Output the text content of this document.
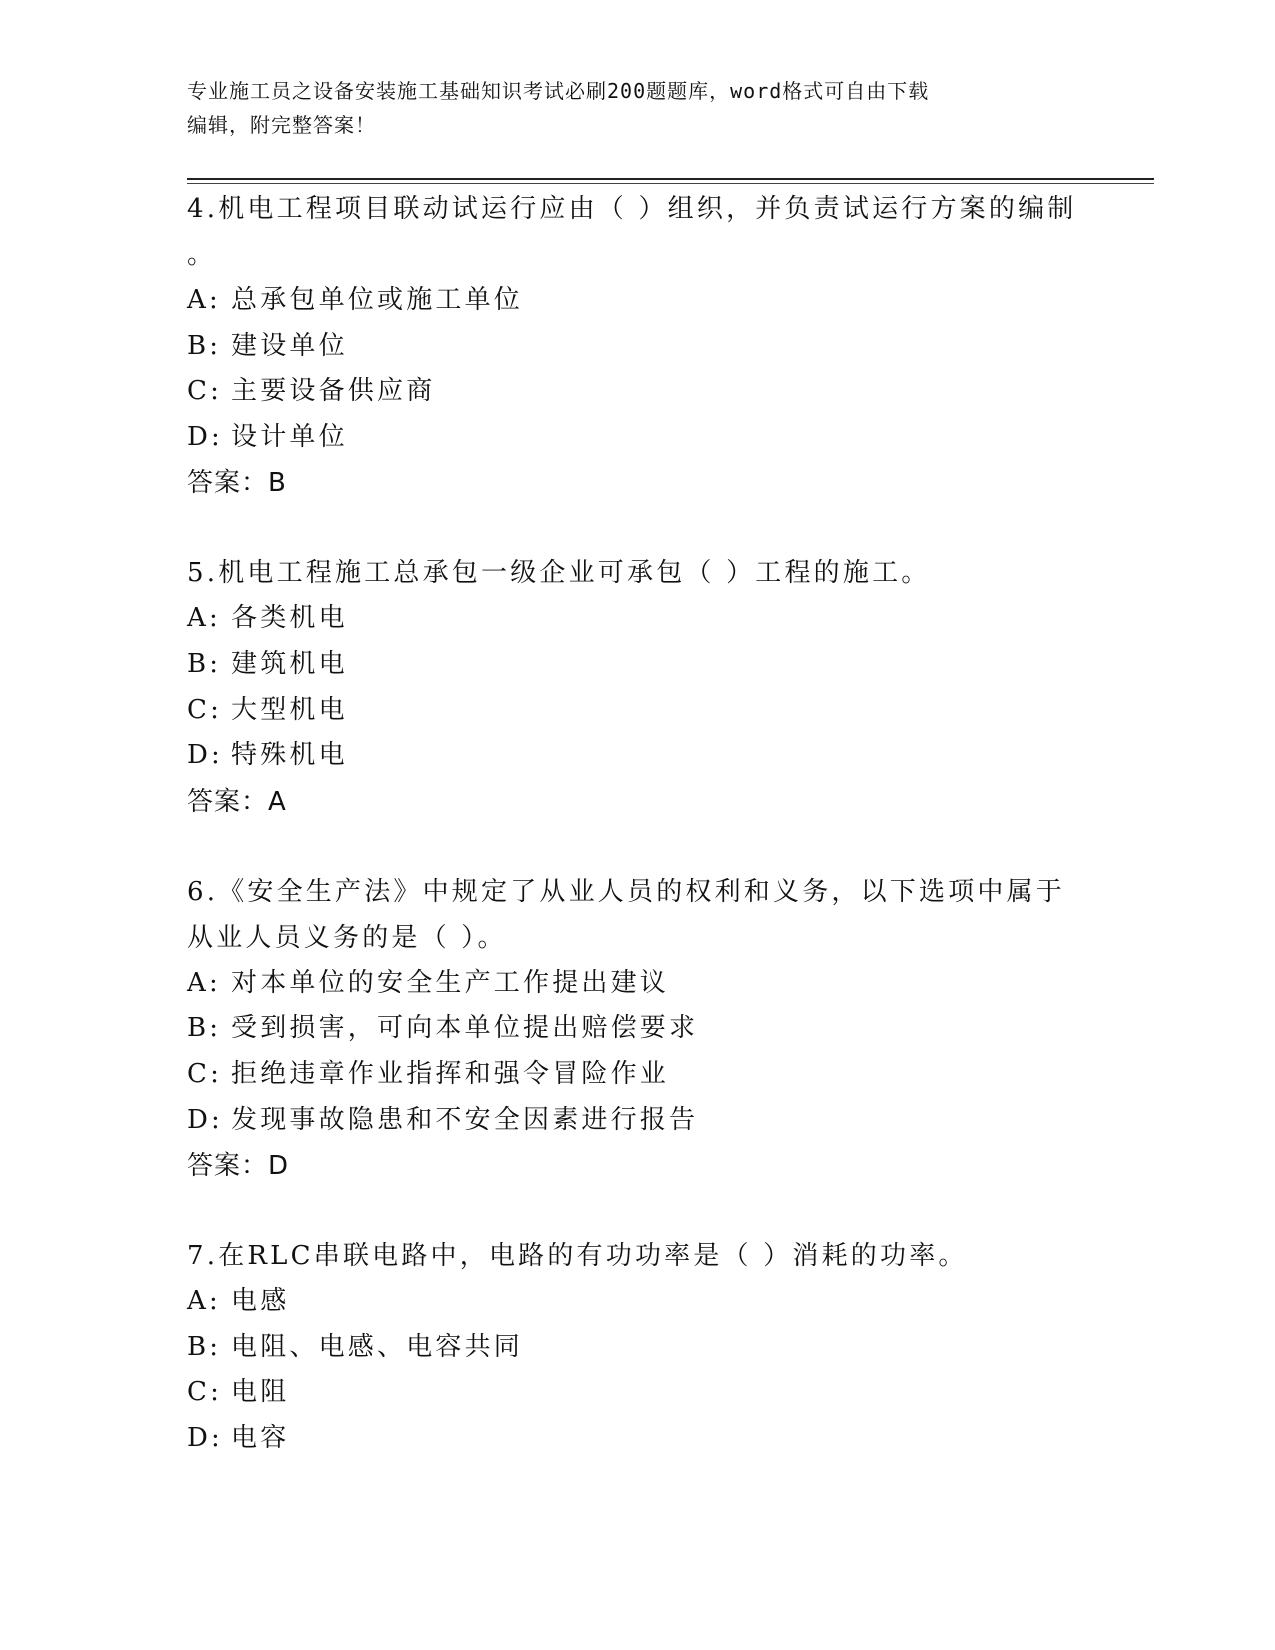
专业施工员之设备安装施工基础知识考试必刷200题题库，word格式可自由下载
编辑，附完整答案！

4.机电工程项目联动试运行应由（ ）组织，并负责试运行方案的编制

。

A: 总承包单位或施工单位

B: 建设单位

C: 主要设备供应商

D: 设计单位

答案：B

5.机电工程施工总承包一级企业可承包（ ）工程的施工。

A: 各类机电

B: 建筑机电

C: 大型机电

D: 特殊机电

答案：A

6.《安全生产法》中规定了从业人员的权利和义务，以下选项中属于

从业人员义务的是（ ）。

A: 对本单位的安全生产工作提出建议

B: 受到损害，可向本单位提出赔偿要求

C: 拒绝违章作业指挥和强令冒险作业

D: 发现事故隐患和不安全因素进行报告

答案：D

7.在RLC串联电路中，电路的有功功率是（ ）消耗的功率。

A: 电感

B: 电阻、电感、电容共同

C: 电阻

D: 电容
